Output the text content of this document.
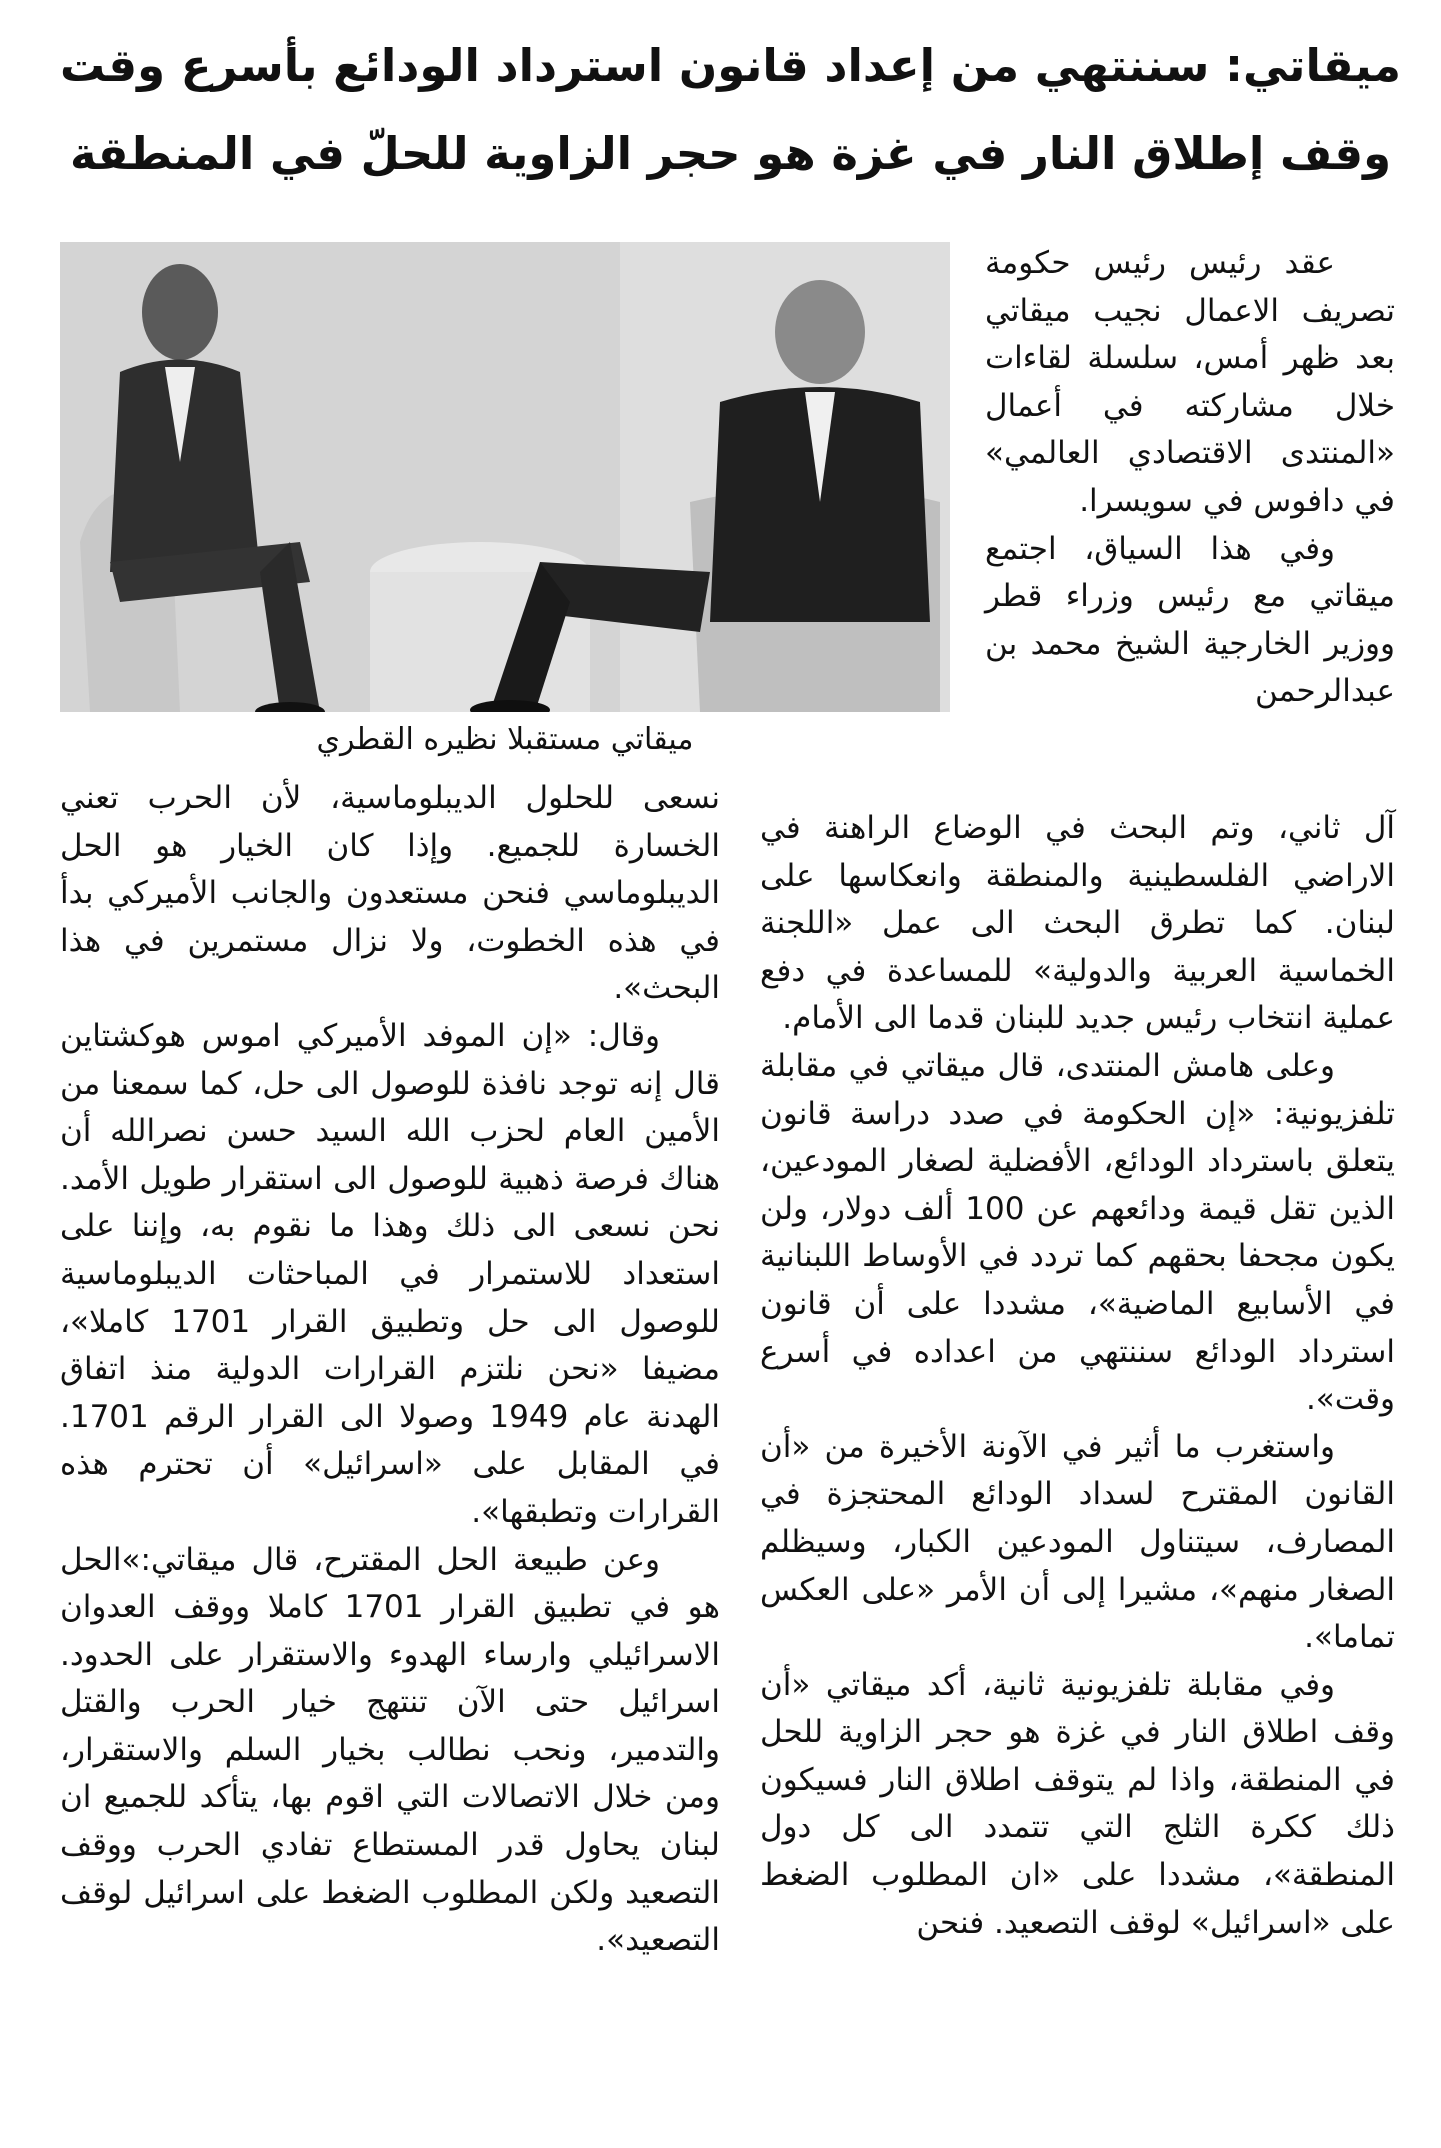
ميقاتي: سننتهي من إعداد قانون استرداد الودائع بأسرع وقت
وقف إطلاق النار في غزة هو حجر الزاوية للحلّ في المنطقة
ميقاتي مستقبلا نظيره القطري

عقد رئيس رئيس حكومة تصريف الاعمال نجيب ميقاتي بعد ظهر أمس، سلسلة لقاءات خلال مشاركته في أعمال «المنتدى الاقتصادي العالمي» في دافوس في سويسرا.

وفي هذا السياق، اجتمع ميقاتي مع رئيس وزراء قطر ووزير الخارجية الشيخ محمد بن عبدالرحمن

آل ثاني، وتم البحث في الوضاع الراهنة في الاراضي الفلسطينية والمنطقة وانعكاسها على لبنان. كما تطرق البحث الى عمل «اللجنة الخماسية العربية والدولية» للمساعدة في دفع عملية انتخاب رئيس جديد للبنان قدما الى الأمام.

وعلى هامش المنتدى، قال ميقاتي في مقابلة تلفزيونية: «إن الحكومة في صدد دراسة قانون يتعلق باسترداد الودائع، الأفضلية لصغار المودعين، الذين تقل قيمة ودائعهم عن 100 ألف دولار، ولن يكون مجحفا بحقهم كما تردد في الأوساط اللبنانية في الأسابيع الماضية»، مشددا على أن قانون استرداد الودائع سننتهي من اعداده في أسرع وقت».

واستغرب ما أثير في الآونة الأخيرة من «أن القانون المقترح لسداد الودائع المحتجزة في المصارف، سيتناول المودعين الكبار، وسيظلم الصغار منهم»، مشيرا إلى أن الأمر «على العكس تماما».

وفي مقابلة تلفزيونية ثانية، أكد ميقاتي «أن وقف اطلاق النار في غزة هو حجر الزاوية للحل في المنطقة، واذا لم يتوقف اطلاق النار فسيكون ذلك ككرة الثلج التي تتمدد الى كل دول المنطقة»، مشددا على «ان المطلوب الضغط على «اسرائيل» لوقف التصعيد. فنحن

نسعى للحلول الديبلوماسية، لأن الحرب تعني الخسارة للجميع. وإذا كان الخيار هو الحل الديبلوماسي فنحن مستعدون والجانب الأميركي بدأ في هذه الخطوت، ولا نزال مستمرين في هذا البحث».

وقال: «إن الموفد الأميركي اموس هوكشتاين قال إنه توجد نافذة للوصول الى حل، كما سمعنا من الأمين العام لحزب الله السيد حسن نصرالله أن هناك فرصة ذهبية للوصول الى استقرار طويل الأمد. نحن نسعى الى ذلك وهذا ما نقوم به، وإننا على استعداد للاستمرار في المباحثات الديبلوماسية للوصول الى حل وتطبيق القرار 1701 كاملا»، مضيفا «نحن نلتزم القرارات الدولية منذ اتفاق الهدنة عام 1949 وصولا الى القرار الرقم 1701. في المقابل على «اسرائيل» أن تحترم هذه القرارات وتطبقها».

وعن طبيعة الحل المقترح، قال ميقاتي:»الحل هو في تطبيق القرار 1701 كاملا ووقف العدوان الاسرائيلي وارساء الهدوء والاستقرار على الحدود. اسرائيل حتى الآن تنتهج خيار الحرب والقتل والتدمير، ونحب نطالب بخيار السلم والاستقرار، ومن خلال الاتصالات التي اقوم بها، يتأكد للجميع ان لبنان يحاول قدر المستطاع تفادي الحرب ووقف التصعيد ولكن المطلوب الضغط على اسرائيل لوقف التصعيد».
